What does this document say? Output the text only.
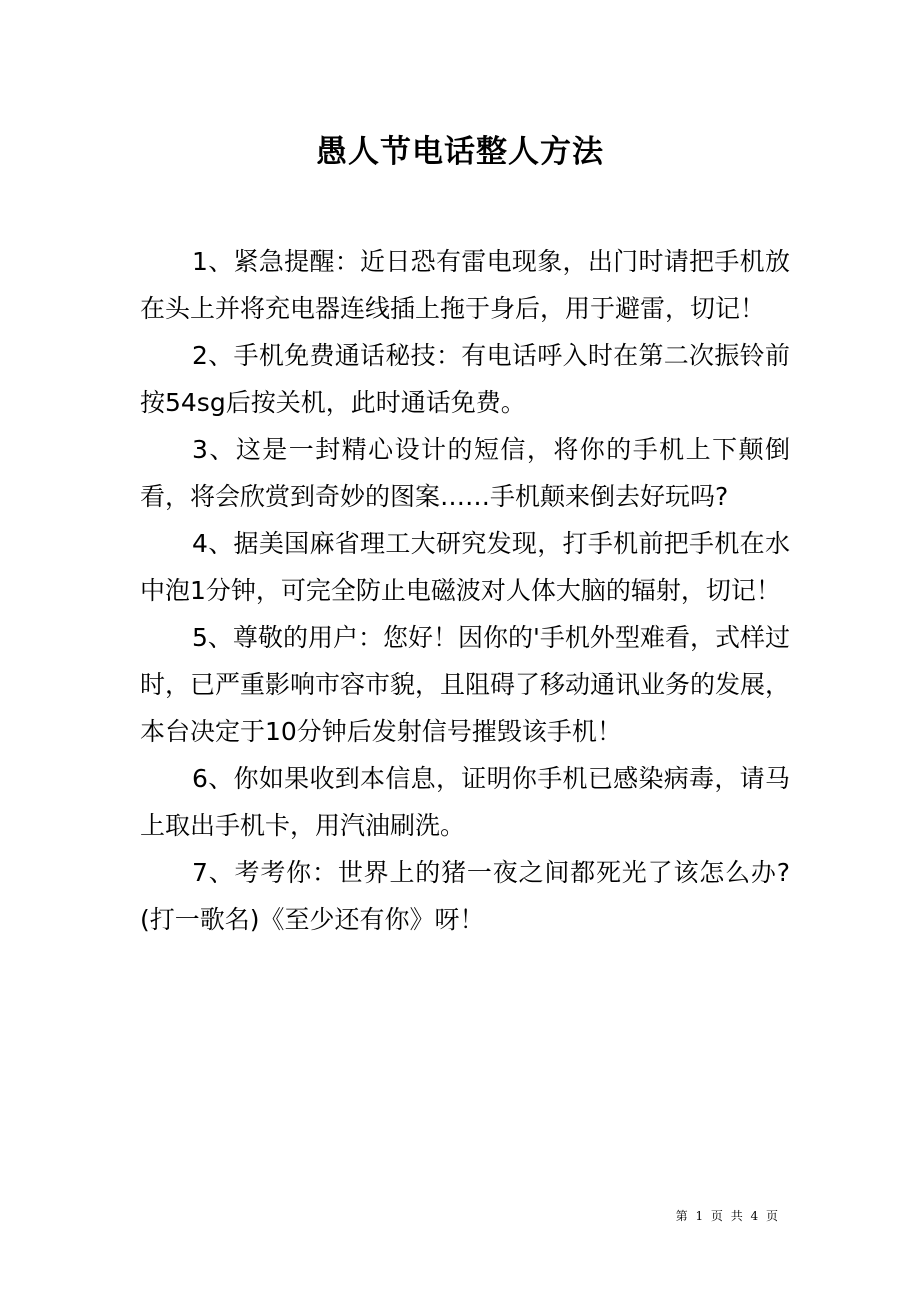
愚人节电话整人方法

1、紧急提醒：近日恐有雷电现象，出门时请把手机放在头上并将充电器连线插上拖于身后，用于避雷，切记！

2、手机免费通话秘技：有电话呼入时在第二次振铃前按54sg后按关机，此时通话免费。

3、这是一封精心设计的短信，将你的手机上下颠倒看，将会欣赏到奇妙的图案……手机颠来倒去好玩吗?

4、据美国麻省理工大研究发现，打手机前把手机在水中泡1分钟，可完全防止电磁波对人体大脑的辐射，切记！

5、尊敬的用户：您好！因你的'手机外型难看，式样过时，已严重影响市容市貌，且阻碍了移动通讯业务的发展，本台决定于10分钟后发射信号摧毁该手机！

6、你如果收到本信息，证明你手机已感染病毒，请马上取出手机卡，用汽油刷洗。

7、考考你：世界上的猪一夜之间都死光了该怎么办?(打一歌名)《至少还有你》呀！

第 1 页 共 4 页
